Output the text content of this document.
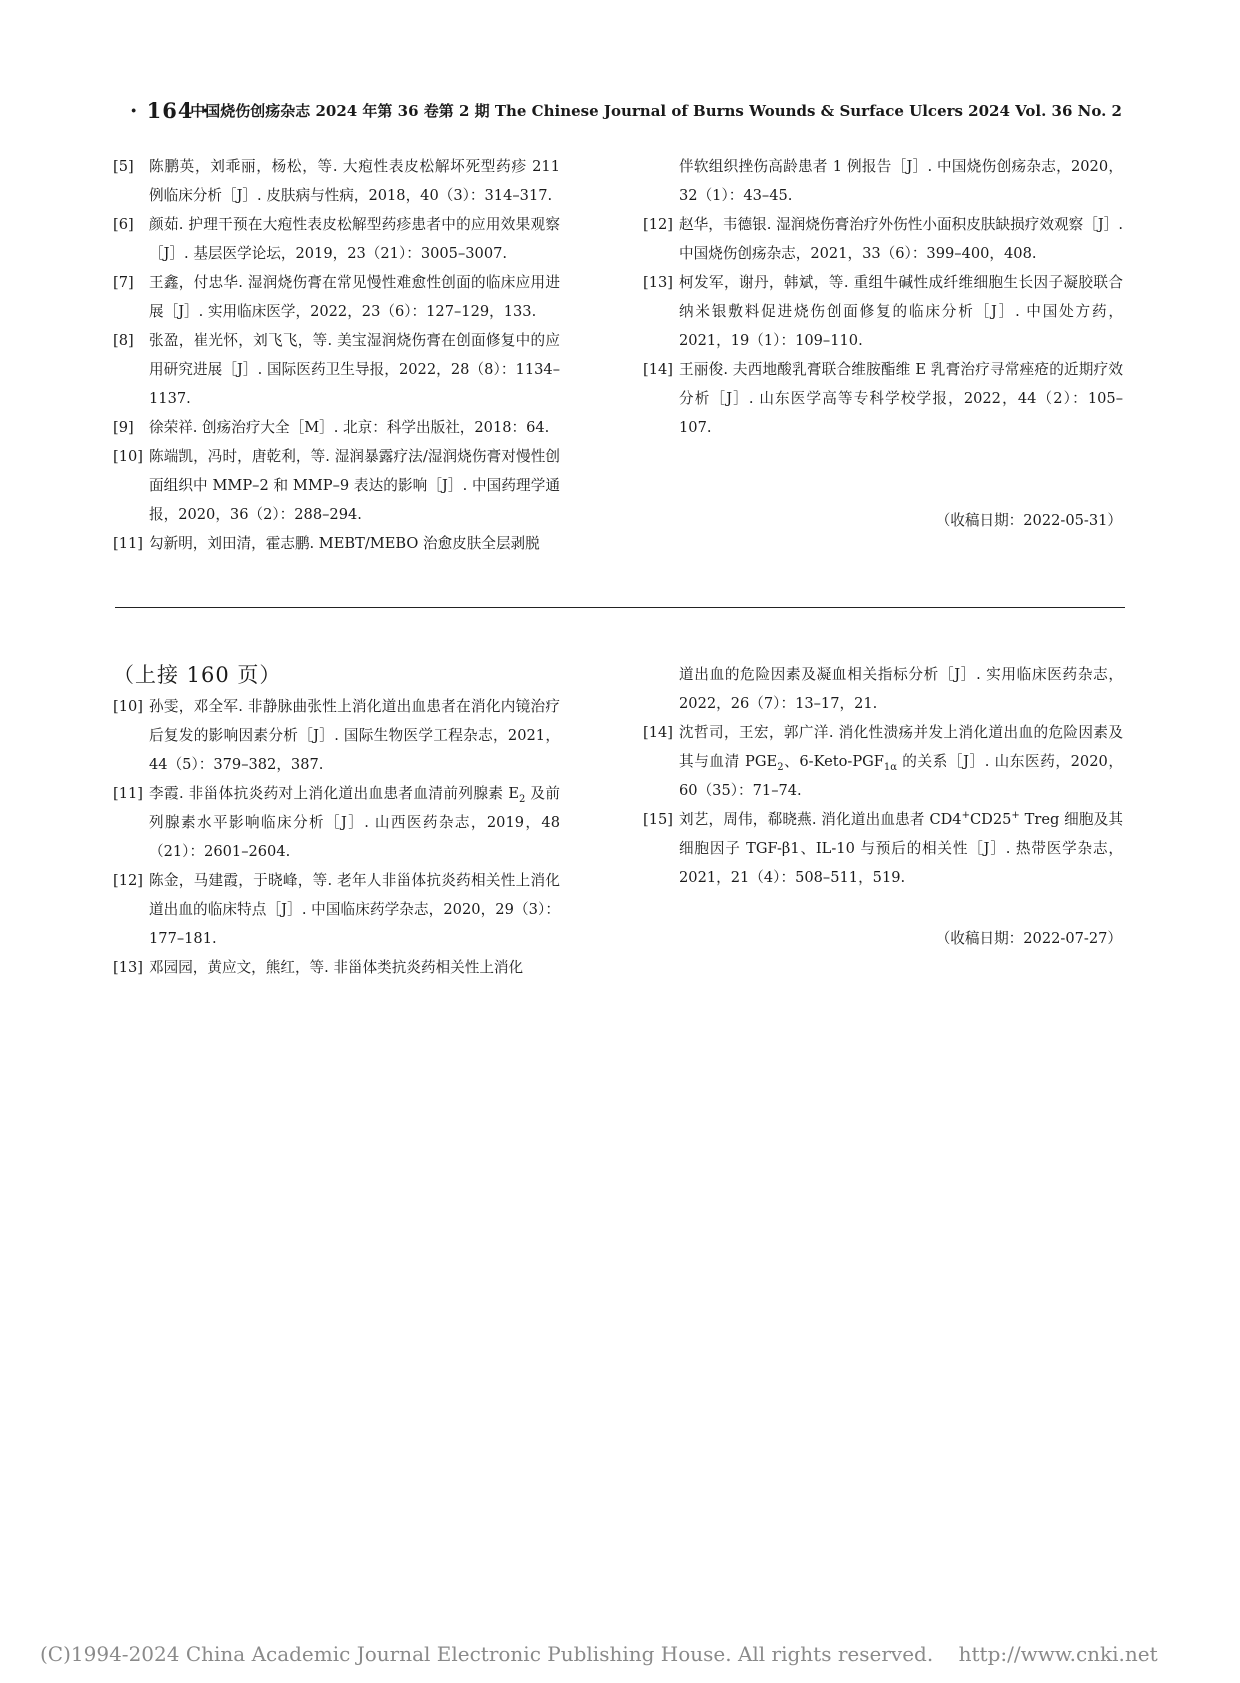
· 164 ·
中国烧伤创疡杂志 2024 年第 36 卷第 2 期 The Chinese Journal of Burns Wounds & Surface Ulcers 2024 Vol. 36 No. 2
[5]	陈鹏英，刘乖丽，杨松，等. 大疱性表皮松解坏死型药疹 211 例临床分析［J］. 皮肤病与性病，2018，40（3）：314–317.
[6]	颜茹. 护理干预在大疱性表皮松解型药疹患者中的应用效果观察［J］. 基层医学论坛，2019，23（21）：3005–3007.
[7]	王鑫，付忠华. 湿润烧伤膏在常见慢性难愈性创面的临床应用进展［J］. 实用临床医学，2022，23（6）：127–129，133.
[8]	张盈，崔光怀，刘飞飞，等. 美宝湿润烧伤膏在创面修复中的应用研究进展［J］. 国际医药卫生导报，2022，28（8）：1134–1137.
[9]	徐荣祥. 创疡治疗大全［M］. 北京：科学出版社，2018：64.
[10] 陈端凯，冯时，唐乾利，等. 湿润暴露疗法/湿润烧伤膏对慢性创面组织中 MMP–2 和 MMP–9 表达的影响［J］. 中国药理学通报，2020，36（2）：288–294.
[11] 勾新明，刘田清，霍志鹏. MEBT/MEBO 治愈皮肤全层剥脱
伴软组织挫伤高龄患者 1 例报告［J］. 中国烧伤创疡杂志，2020，32（1）：43–45.
[12] 赵华，韦德银. 湿润烧伤膏治疗外伤性小面积皮肤缺损疗效观察［J］. 中国烧伤创疡杂志，2021，33（6）：399–400，408.
[13] 柯发军，谢丹，韩斌，等. 重组牛碱性成纤维细胞生长因子凝胶联合纳米银敷料促进烧伤创面修复的临床分析［J］. 中国处方药，2021，19（1）：109–110.
[14] 王丽俊. 夫西地酸乳膏联合维胺酯维 E 乳膏治疗寻常痤疮的近期疗效分析［J］. 山东医学高等专科学校学报，2022，44（2）：105–107.
（收稿日期：2022-05-31）
（上接 160 页）
[10] 孙雯，邓全军. 非静脉曲张性上消化道出血患者在消化内镜治疗后复发的影响因素分析［J］. 国际生物医学工程杂志，2021，44（5）：379–382，387.
[11] 李霞. 非甾体抗炎药对上消化道出血患者血清前列腺素 $E_2$ 及前列腺素水平影响临床分析［J］. 山西医药杂志，2019，48（21）：2601–2604.
[12] 陈金，马建霞，于晓峰，等. 老年人非甾体抗炎药相关性上消化道出血的临床特点［J］. 中国临床药学杂志，2020，29（3）：177–181.
[13] 邓园园，黄应文，熊红，等. 非甾体类抗炎药相关性上消化
道出血的危险因素及凝血相关指标分析［J］. 实用临床医药杂志，2022，26（7）：13–17，21.
[14] 沈哲司，王宏，郭广洋. 消化性溃疡并发上消化道出血的危险因素及其与血清 $PGE_2$、$6-Keto-PGF_{1\alpha}$ 的关系［J］. 山东医药，2020，60（35）：71–74.
[15] 刘艺，周伟，郗晓燕. 消化道出血患者 CD4+CD25+ Treg 细胞及其细胞因子 TGF-β1、IL-10 与预后的相关性［J］. 热带医学杂志，2021，21（4）：508–511，519.
（收稿日期：2022-07-27）
(C)1994-2024 China Academic Journal Electronic Publishing House. All rights reserved. http://www.cnki.net
